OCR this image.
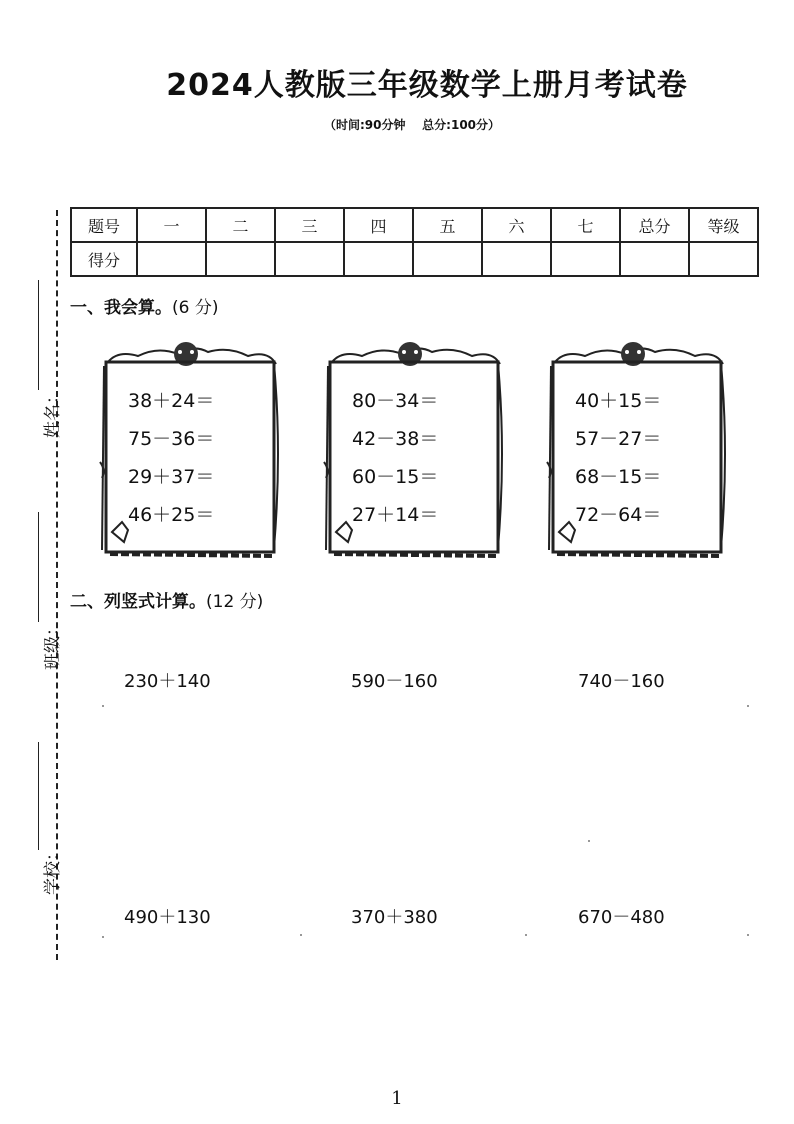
2024人教版三年级数学上册月考试卷
（时间:90分钟    总分:100分）
姓名：
班级：
学校：
题号	一	二	三	四	五	六	七	总分	等级
得分									
一、我会算。(6 分)
38＋24＝
75－36＝
29＋37＝
46＋25＝
80－34＝
42－38＝
60－15＝
27＋14＝
40＋15＝
57－27＝
68－15＝
72－64＝
二、列竖式计算。(12 分)
230＋140	590－160	740－160
490＋130	370＋380	670－480
1
